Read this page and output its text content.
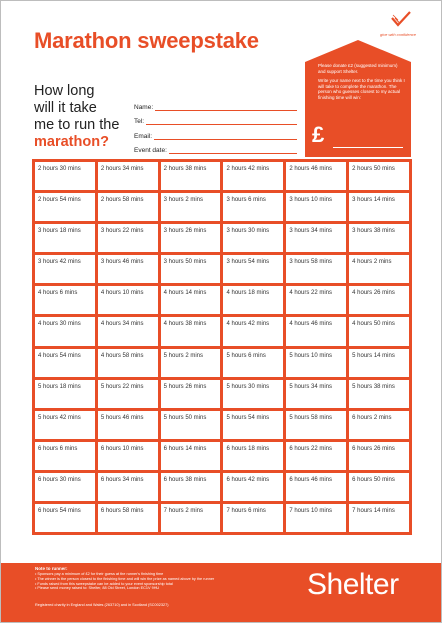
Marathon sweepstake	give with confidence
How long
will it take
me to run the
marathon?
Name:
Tel:
Email:
Event date:

Please donate £2 (suggested minimum) and support Shelter.

Write your name next to the time you think I will take to complete the marathon. The person who guesses closest to my actual finishing time will win:

£
2 hours 30 mins	2 hours 34 mins	2 hours 38 mins	2 hours 42 mins	2 hours 46 mins	2 hours 50 mins
2 hours 54 mins	2 hours 58 mins	3 hours 2 mins	3 hours 6 mins	3 hours 10 mins	3 hours 14 mins
3 hours 18 mins	3 hours 22 mins	3 hours 26 mins	3 hours 30 mins	3 hours 34 mins	3 hours 38 mins
3 hours 42 mins	3 hours 46 mins	3 hours 50 mins	3 hours 54 mins	3 hours 58 mins	4 hours 2 mins
4 hours 6 mins	4 hours 10 mins	4 hours 14 mins	4 hours 18 mins	4 hours 22 mins	4 hours 26 mins
4 hours 30 mins	4 hours 34 mins	4 hours 38 mins	4 hours 42 mins	4 hours 46 mins	4 hours 50 mins
4 hours 54 mins	4 hours 58 mins	5 hours 2 mins	5 hours 6 mins	5 hours 10 mins	5 hours 14 mins
5 hours 18 mins	5 hours 22 mins	5 hours 26 mins	5 hours 30 mins	5 hours 34 mins	5 hours 38 mins
5 hours 42 mins	5 hours 46 mins	5 hours 50 mins	5 hours 54 mins	5 hours 58 mins	6 hours 2 mins
6 hours 6 mins	6 hours 10 mins	6 hours 14 mins	6 hours 18 mins	6 hours 22 mins	6 hours 26 mins
6 hours 30 mins	6 hours 34 mins	6 hours 38 mins	6 hours 42 mins	6 hours 46 mins	6 hours 50 mins
6 hours 54 mins	6 hours 58 mins	7 hours 2 mins	7 hours 6 mins	7 hours 10 mins	7 hours 14 mins
Note to runner:
• Sponsors pay a minimum of £2 for their guess at the runner's finishing time
• The winner is the person closest to the finishing time and will win the prize as named above by the runner
• Funds raised from this sweepstake can be added to your event sponsorship total
• Please send money raised to: Shelter, 88 Old Street, London EC1V 9HU
Registered charity in England and Wales (263710) and in Scotland (SC002327)
Shelter
